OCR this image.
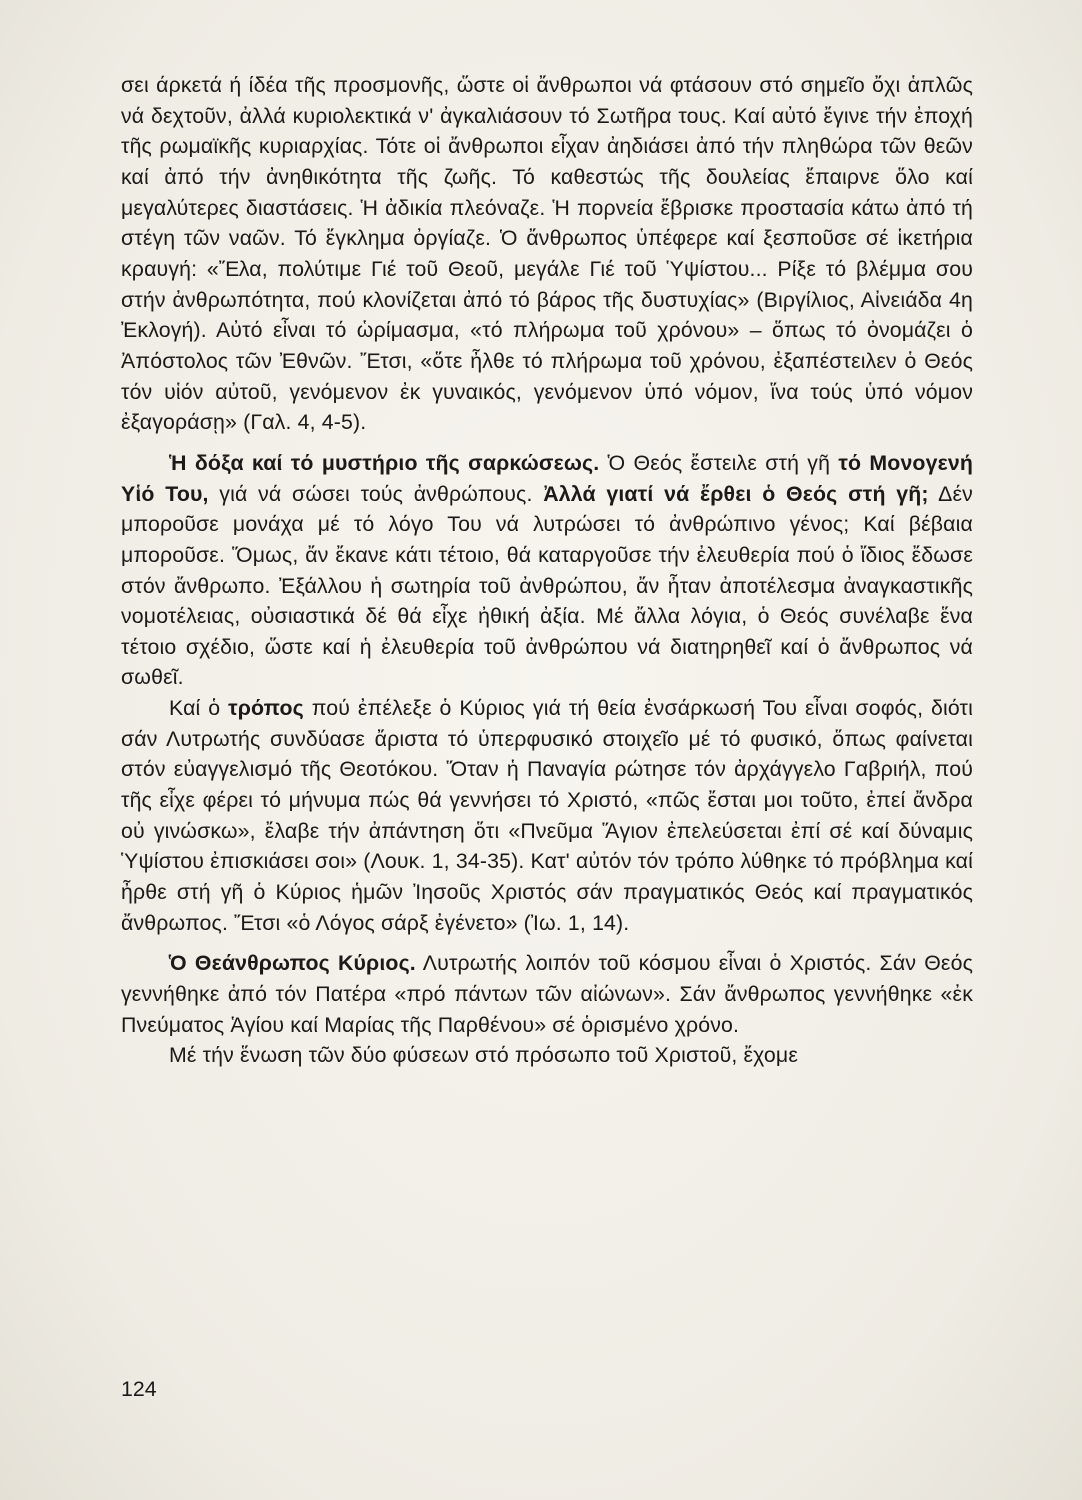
σει άρκετά ή ίδέα τῆς προσμονῆς, ὥστε οἱ ἄνθρωποι νά φτάσουν στό σημεῖο ὄχι ἁπλῶς νά δεχτοῦν, ἀλλά κυριολεκτικά ν' ἀγκαλιάσουν τό Σωτῆρα τους. Καί αὐτό ἔγινε τήν ἐποχή τῆς ρωμαϊκῆς κυριαρχίας. Τότε οἱ ἄνθρωποι εἶχαν ἀηδιάσει ἀπό τήν πληθώρα τῶν θεῶν καί ἀπό τήν ἀνηθικότητα τῆς ζωῆς. Τό καθεστώς τῆς δουλείας ἔπαιρνε ὅλο καί μεγαλύτερες διαστάσεις. Ἡ ἀδικία πλεόναζε. Ἡ πορνεία ἔβρισκε προστασία κάτω ἀπό τή στέγη τῶν ναῶν. Τό ἔγκλημα ὀργίαζε. Ὁ ἄνθρωπος ὑπέφερε καί ξεσποῦσε σέ ἱκετήρια κραυγή: «Ἔλα, πολύτιμε Γιέ τοῦ Θεοῦ, μεγάλε Γιέ τοῦ Ὑψίστου... Ρίξε τό βλέμμα σου στήν ἀνθρωπότητα, πού κλονίζεται ἀπό τό βάρος τῆς δυστυχίας» (Βιργίλιος, Αἰνειάδα 4η Ἐκλογή). Αὐτό εἶναι τό ὡρίμασμα, «τό πλήρωμα τοῦ χρόνου» – ὅπως τό ὀνομάζει ὁ Ἀπόστολος τῶν Ἐθνῶν. Ἔτσι, «ὅτε ἦλθε τό πλήρωμα τοῦ χρόνου, ἐξαπέστειλεν ὁ Θεός τόν υἱόν αὐτοῦ, γενόμενον ἐκ γυναικός, γενόμενον ὑπό νόμον, ἵνα τούς ὑπό νόμον ἐξαγοράσῃ» (Γαλ. 4, 4-5).

Ἡ δόξα καί τό μυστήριο τῆς σαρκώσεως. Ὁ Θεός ἔστειλε στή γῆ τό Μονογενή Υἱό Του, γιά νά σώσει τούς ἀνθρώπους. Ἀλλά γιατί νά ἔρθει ὁ Θεός στή γῆ; Δέν μποροῦσε μονάχα μέ τό λόγο Του νά λυτρώσει τό ἀνθρώπινο γένος; Καί βέβαια μποροῦσε. Ὅμως, ἄν ἔκανε κάτι τέτοιο, θά καταργοῦσε τήν ἐλευθερία πού ὁ ἴδιος ἔδωσε στόν ἄνθρωπο. Ἐξάλλου ἡ σωτηρία τοῦ ἀνθρώπου, ἄν ἦταν ἀποτέλεσμα ἀναγκαστικῆς νομοτέλειας, οὐσιαστικά δέ θά εἶχε ἠθική ἀξία. Μέ ἄλλα λόγια, ὁ Θεός συνέλαβε ἕνα τέτοιο σχέδιο, ὥστε καί ἡ ἐλευθερία τοῦ ἀνθρώπου νά διατηρηθεῖ καί ὁ ἄνθρωπος νά σωθεῖ.

Καί ὁ τρόπος πού ἐπέλεξε ὁ Κύριος γιά τή θεία ἐνσάρκωσή Του εἶναι σοφός, διότι σάν Λυτρωτής συνδύασε ἄριστα τό ὑπερφυσικό στοιχεῖο μέ τό φυσικό, ὅπως φαίνεται στόν εὐαγγελισμό τῆς Θεοτόκου. Ὅταν ἡ Παναγία ρώτησε τόν ἀρχάγγελο Γαβριήλ, πού τῆς εἶχε φέρει τό μήνυμα πώς θά γεννήσει τό Χριστό, «πῶς ἔσται μοι τοῦτο, ἐπεί ἄνδρα οὐ γινώσκω», ἔλαβε τήν ἀπάντηση ὅτι «Πνεῦμα Ἅγιον ἐπελεύσεται ἐπί σέ καί δύναμις Ὑψίστου ἐπισκιάσει σοι» (Λουκ. 1, 34-35). Κατ' αὐτόν τόν τρόπο λύθηκε τό πρόβλημα καί ἦρθε στή γῆ ὁ Κύριος ἡμῶν Ἰησοῦς Χριστός σάν πραγματικός Θεός καί πραγματικός ἄνθρωπος. Ἔτσι «ὁ Λόγος σάρξ ἐγένετο» (Ἰω. 1, 14).

Ὁ Θεάνθρωπος Κύριος. Λυτρωτής λοιπόν τοῦ κόσμου εἶναι ὁ Χριστός. Σάν Θεός γεννήθηκε ἀπό τόν Πατέρα «πρό πάντων τῶν αἰώνων». Σάν ἄνθρωπος γεννήθηκε «ἐκ Πνεύματος Ἁγίου καί Μαρίας τῆς Παρθένου» σέ ὁρισμένο χρόνο.

Μέ τήν ἕνωση τῶν δύο φύσεων στό πρόσωπο τοῦ Χριστοῦ, ἔχομε

124
